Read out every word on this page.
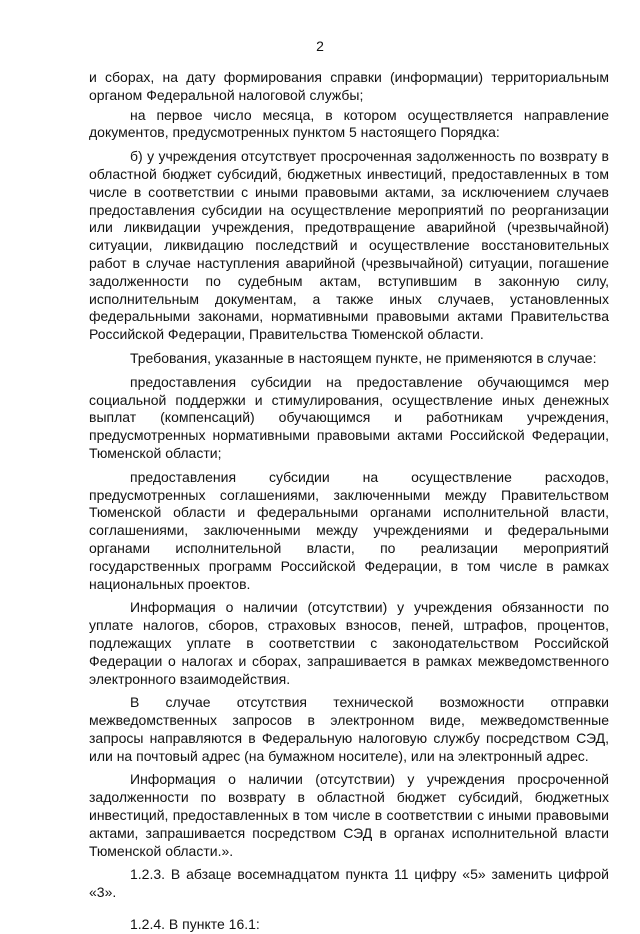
2

и сборах, на дату формирования справки (информации) территориальным органом Федеральной налоговой службы;

на первое число месяца, в котором осуществляется направление документов, предусмотренных пунктом 5 настоящего Порядка:

б) у учреждения отсутствует просроченная задолженность по возврату в областной бюджет субсидий, бюджетных инвестиций, предоставленных в том числе в соответствии с иными правовыми актами, за исключением случаев предоставления субсидии на осуществление мероприятий по реорганизации или ликвидации учреждения, предотвращение аварийной (чрезвычайной) ситуации, ликвидацию последствий и осуществление восстановительных работ в случае наступления аварийной (чрезвычайной) ситуации, погашение задолженности по судебным актам, вступившим в законную силу, исполнительным документам, а также иных случаев, установленных федеральными законами, нормативными правовыми актами Правительства Российской Федерации, Правительства Тюменской области.

Требования, указанные в настоящем пункте, не применяются в случае:

предоставления субсидии на предоставление обучающимся мер социальной поддержки и стимулирования, осуществление иных денежных выплат (компенсаций) обучающимся и работникам учреждения, предусмотренных нормативными правовыми актами Российской Федерации, Тюменской области;

предоставления субсидии на осуществление расходов, предусмотренных соглашениями, заключенными между Правительством Тюменской области и федеральными органами исполнительной власти, соглашениями, заключенными между учреждениями и федеральными органами исполнительной власти, по реализации мероприятий государственных программ Российской Федерации, в том числе в рамках национальных проектов.

Информация о наличии (отсутствии) у учреждения обязанности по уплате налогов, сборов, страховых взносов, пеней, штрафов, процентов, подлежащих уплате в соответствии с законодательством Российской Федерации о налогах и сборах, запрашивается в рамках межведомственного электронного взаимодействия.

В случае отсутствия технической возможности отправки межведомственных запросов в электронном виде, межведомственные запросы направляются в Федеральную налоговую службу посредством СЭД, или на почтовый адрес (на бумажном носителе), или на электронный адрес.

Информация о наличии (отсутствии) у учреждения просроченной задолженности по возврату в областной бюджет субсидий, бюджетных инвестиций, предоставленных в том числе в соответствии с иными правовыми актами, запрашивается посредством СЭД в органах исполнительной власти Тюменской области.».

1.2.3. В абзаце восемнадцатом пункта 11 цифру «5» заменить цифрой «3».

1.2.4. В пункте 16.1:
